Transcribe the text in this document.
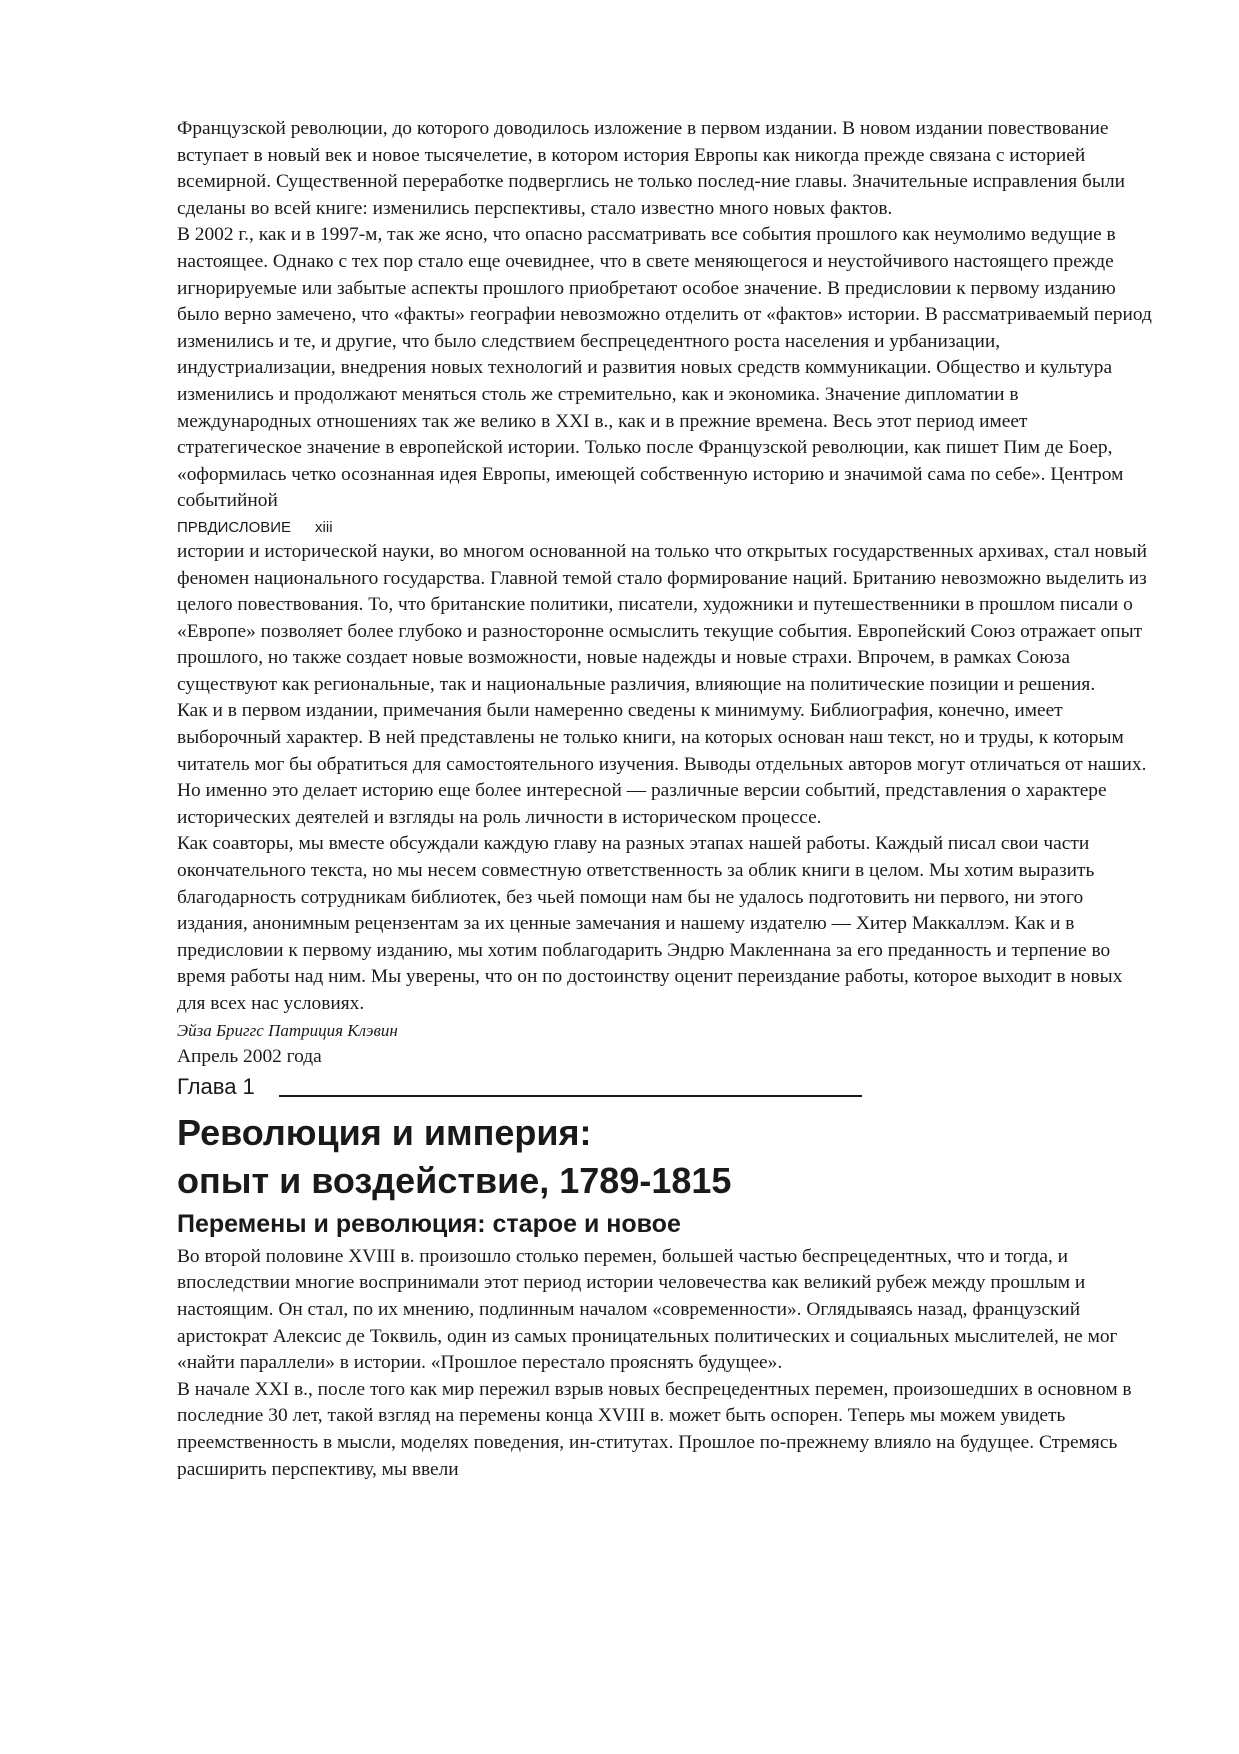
Французской революции, до которого доводилось изложение в первом издании. В новом издании повествование вступает в новый век и новое тысячелетие, в котором история Европы как никогда прежде связана с историей всемирной. Существенной переработке подверглись не только послед-ние главы. Значительные исправления были сделаны во всей книге: изменились перспективы, стало известно много новых фактов.

В 2002 г., как и в 1997-м, так же ясно, что опасно рассматривать все события прошлого как неумолимо ведущие в настоящее. Однако с тех пор стало еще очевиднее, что в свете меняющегося и неустойчивого настоящего прежде игнорируемые или забытые аспекты прошлого приобретают особое значение. В предисловии к первому изданию было верно замечено, что «факты» географии невозможно отделить от «фактов» истории. В рассматриваемый период изменились и те, и другие, что было следствием беспрецедентного роста населения и урбанизации, индустриализации, внедрения новых технологий и развития новых средств коммуникации. Общество и культура изменились и продолжают меняться столь же стремительно, как и экономика. Значение дипломатии в международных отношениях так же велико в XXI в., как и в прежние времена. Весь этот период имеет стратегическое значение в европейской истории. Только после Французской революции, как пишет Пим де Боер, «оформилась четко осознанная идея Европы, имеющей собственную историю и значимой сама по себе». Центром событийной

ПРВДИСЛОВИЕ xiii

истории и исторической науки, во многом основанной на только что открытых государственных архивах, стал новый феномен национального государства. Главной темой стало формирование наций. Британию невозможно выделить из целого повествования. То, что британские политики, писатели, художники и путешественники в прошлом писали о «Европе» позволяет более глубоко и разносторонне осмыслить текущие события. Европейский Союз отражает опыт прошлого, но также создает новые возможности, новые надежды и новые страхи. Впрочем, в рамках Союза существуют как региональные, так и национальные различия, влияющие на политические позиции и решения.

Как и в первом издании, примечания были намеренно сведены к минимуму. Библиография, конечно, имеет выборочный характер. В ней представлены не только книги, на которых основан наш текст, но и труды, к которым читатель мог бы обратиться для самостоятельного изучения. Выводы отдельных авторов могут отличаться от наших. Но именно это делает историю еще более интересной — различные версии событий, представления о характере исторических деятелей и взгляды на роль личности в историческом процессе.

Как соавторы, мы вместе обсуждали каждую главу на разных этапах нашей работы. Каждый писал свои части окончательного текста, но мы несем совместную ответственность за облик книги в целом. Мы хотим выразить благодарность сотрудникам библиотек, без чьей помощи нам бы не удалось подготовить ни первого, ни этого издания, анонимным рецензентам за их ценные замечания и нашему издателю — Хитер Маккаллэм. Как и в предисловии к первому изданию, мы хотим поблагодарить Эндрю Макленнана за его преданность и терпение во время работы над ним. Мы уверены, что он по достоинству оценит переиздание работы, которое выходит в новых для всех нас условиях.

Эйза Бриггс Патриция Клэвин

Апрель 2002 года

Глава 1
Революция и империя:
опыт и воздействие, 1789-1815
Перемены и революция: старое и новое

Во второй половине XVIII в. произошло столько перемен, большей частью беспрецедентных, что и тогда, и впоследствии многие воспринимали этот период истории человечества как великий рубеж между прошлым и настоящим. Он стал, по их мнению, подлинным началом «современности». Оглядываясь назад, французский аристократ Алексис де Токвиль, один из самых проницательных политических и социальных мыслителей, не мог «найти параллели» в истории. «Прошлое перестало прояснять будущее».

В начале XXI в., после того как мир пережил взрыв новых беспрецедентных перемен, произошедших в основном в последние 30 лет, такой взгляд на перемены конца XVIII в. может быть оспорен. Теперь мы можем увидеть преемственность в мысли, моделях поведения, ин-ститутах. Прошлое по-прежнему влияло на будущее. Стремясь расширить перспективу, мы ввели
